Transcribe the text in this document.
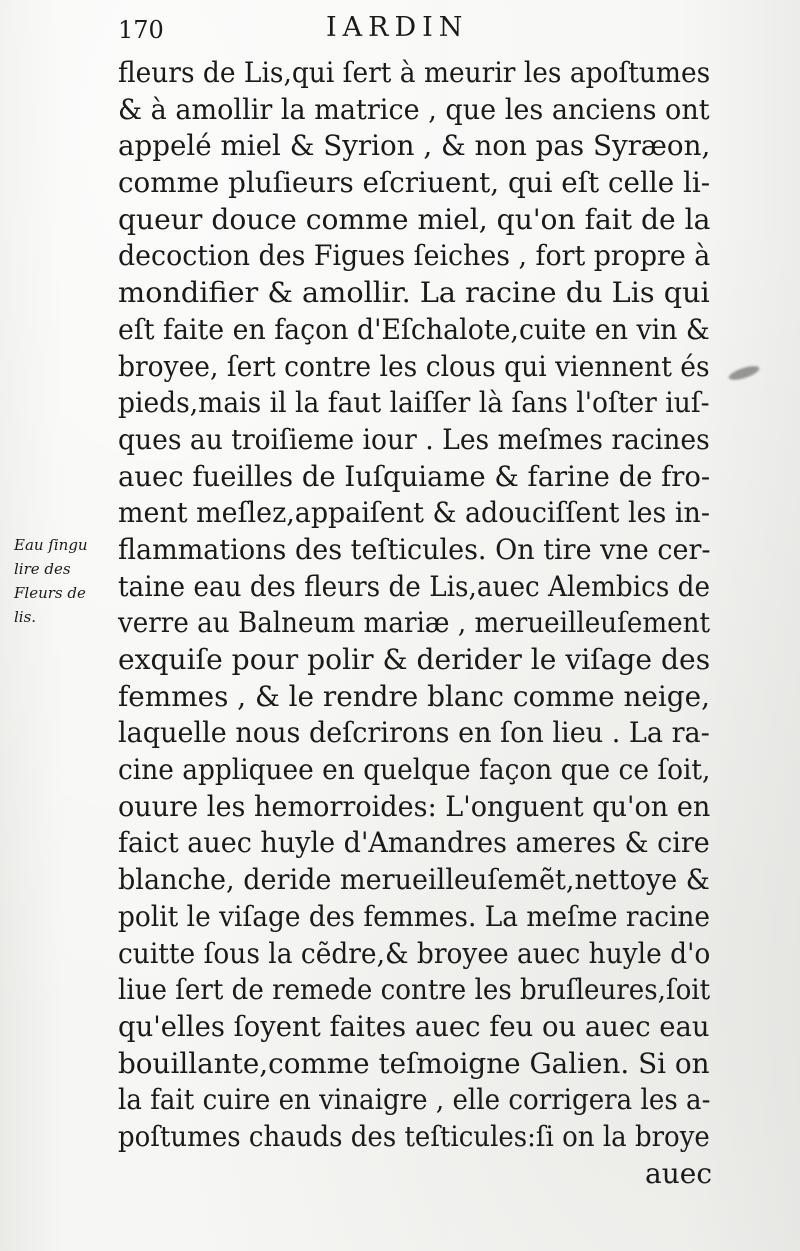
170	IARDIN
Eau ſingu
lire des
Fleurs de
lis.
fleurs de Lis,qui ſert à meurir les apoſtumes
& à amollir la matrice , que les anciens ont
appelé miel & Syrion , & non pas Syræon,
comme pluſieurs eſcriuent, qui eſt celle li-
queur douce comme miel, qu'on fait de la
decoction des Figues ſeiches , fort propre à
mondifier & amollir. La racine du Lis qui
eſt faite en façon d'Eſchalote,cuite en vin &
broyee, ſert contre les clous qui viennent és
pieds,mais il la faut laiſſer là ſans l'oſter iuſ-
ques au troiſieme iour . Les meſmes racines
auec fueilles de Iuſquiame & farine de fro-
ment meſlez,appaiſent & adouciſſent les in-
flammations des teſticules. On tire vne cer-
taine eau des fleurs de Lis,auec Alembics de
verre au Balneum mariæ , merueilleuſement
exquiſe pour polir & derider le viſage des
femmes , & le rendre blanc comme neige,
laquelle nous deſcrirons en ſon lieu . La ra-
cine appliquee en quelque façon que ce ſoit,
ouure les hemorroides: L'onguent qu'on en
faict auec huyle d'Amandres ameres & cire
blanche, deride merueilleuſemẽt,nettoye &
polit le viſage des femmes. La meſme racine
cuitte ſous la cẽdre,& broyee auec huyle d'o
liue ſert de remede contre les bruſleures,ſoit
qu'elles ſoyent faites auec feu ou auec eau
bouillante,comme teſmoigne Galien. Si on
la fait cuire en vinaigre , elle corrigera les a-
poſtumes chauds des teſticules:ſi on la broye
auec
